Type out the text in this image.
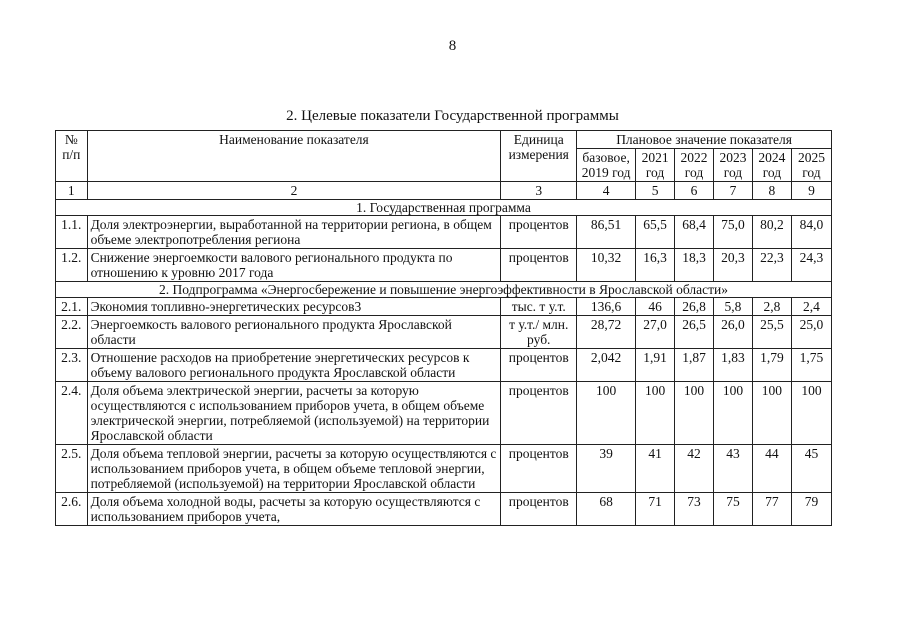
8
2. Целевые показатели Государственной программы
№ п/п	Наименование показателя	Единица измерения	Плановое значение показателя					
			базовое, 2019 год	2021 год	2022 год	2023 год	2024 год	2025 год
1	2	3	4	5	6	7	8	9
1. Государственная программа								
1.1.	Доля электроэнергии, выработанной на территории региона, в общем объеме электропотребления региона	процентов	86,51	65,5	68,4	75,0	80,2	84,0
1.2.	Снижение энергоемкости валового регионального продукта по отношению к уровню 2017 года	процентов	10,32	16,3	18,3	20,3	22,3	24,3
2. Подпрограмма «Энергосбережение и повышение энергоэффективности в Ярославской области»								
2.1.	Экономия топливно-энергетических ресурсов3	тыс. т у.т.	136,6	46	26,8	5,8	2,8	2,4
2.2.	Энергоемкость валового регионального продукта Ярославской области	т у.т./ млн. руб.	28,72	27,0	26,5	26,0	25,5	25,0
2.3.	Отношение расходов на приобретение энергетических ресурсов к объему валового регионального продукта Ярославской области	процентов	2,042	1,91	1,87	1,83	1,79	1,75
2.4.	Доля объема электрической энергии, расчеты за которую осуществляются с использованием приборов учета, в общем объеме электрической энергии, потребляемой (используемой) на территории Ярославской области	процентов	100	100	100	100	100	100
2.5.	Доля объема тепловой энергии, расчеты за которую осуществляются с использованием приборов учета, в общем объеме тепловой энергии, потребляемой (используемой) на территории Ярославской области	процентов	39	41	42	43	44	45
2.6.	Доля объема холодной воды, расчеты за которую осуществляются с использованием приборов учета,	процентов	68	71	73	75	77	79
